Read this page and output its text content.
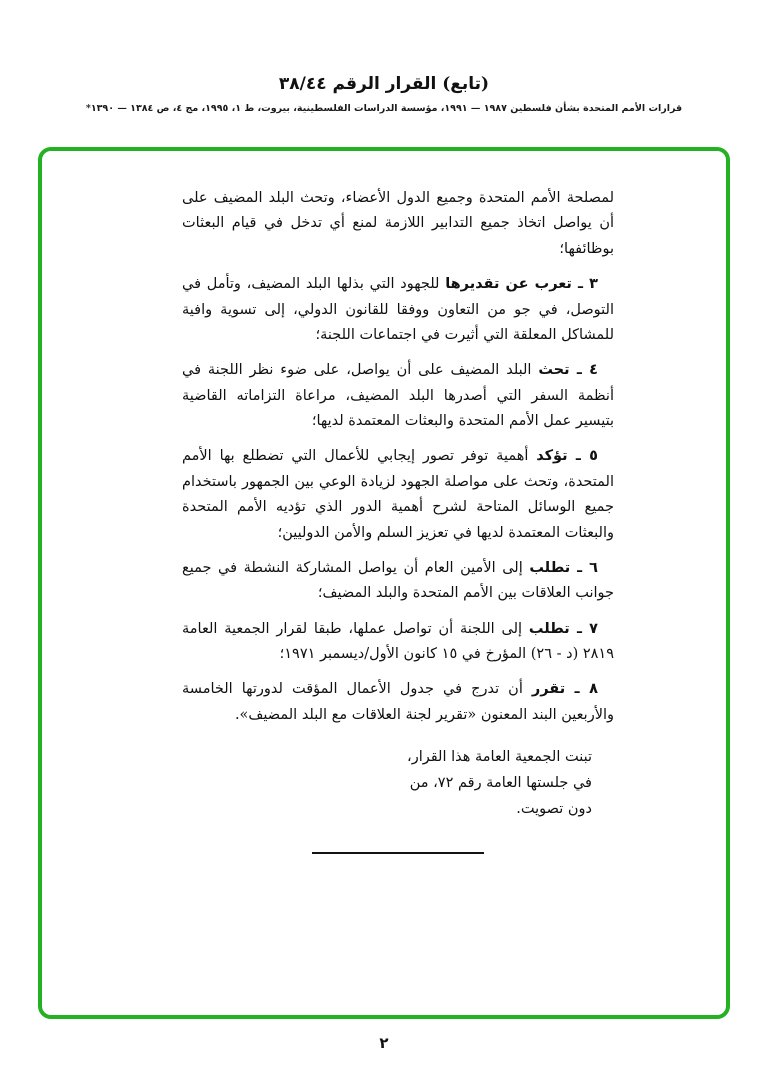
(تابع) القرار الرقم ٣٨/٤٤
قرارات الأمم المتحدة بشأن فلسطين ١٩٨٧ — ١٩٩١، مؤسسة الدراسات الفلسطينية، بيروت، ط ١، ١٩٩٥، مج ٤، ص ١٣٨٤ — ١٣٩٠*

لمصلحة الأمم المتحدة وجميع الدول الأعضاء، وتحث البلد المضيف على أن يواصل اتخاذ جميع التدابير اللازمة لمنع أي تدخل في قيام البعثات بوظائفها؛

٣ ـ تعرب عن تقديرها للجهود التي بذلها البلد المضيف، وتأمل في التوصل، في جو من التعاون ووفقا للقانون الدولي، إلى تسوية وافية للمشاكل المعلقة التي أثيرت في اجتماعات اللجنة؛

٤ ـ تحث البلد المضيف على أن يواصل، على ضوء نظر اللجنة في أنظمة السفر التي أصدرها البلد المضيف، مراعاة التزاماته القاضية بتيسير عمل الأمم المتحدة والبعثات المعتمدة لديها؛

٥ ـ تؤكد أهمية توفر تصور إيجابي للأعمال التي تضطلع بها الأمم المتحدة، وتحث على مواصلة الجهود لزيادة الوعي بين الجمهور باستخدام جميع الوسائل المتاحة لشرح أهمية الدور الذي تؤديه الأمم المتحدة والبعثات المعتمدة لديها في تعزيز السلم والأمن الدوليين؛

٦ ـ تطلب إلى الأمين العام أن يواصل المشاركة النشطة في جميع جوانب العلاقات بين الأمم المتحدة والبلد المضيف؛

٧ ـ تطلب إلى اللجنة أن تواصل عملها، طبقا لقرار الجمعية العامة ٢٨١٩ (د - ٢٦) المؤرخ في ١٥ كانون الأول/ديسمبر ١٩٧١؛

٨ ـ تقرر أن تدرج في جدول الأعمال المؤقت لدورتها الخامسة والأربعين البند المعنون «تقرير لجنة العلاقات مع البلد المضيف».

تبنت الجمعية العامة هذا القرار،
في جلستها العامة رقم ٧٢، من
دون تصويت.
٢
